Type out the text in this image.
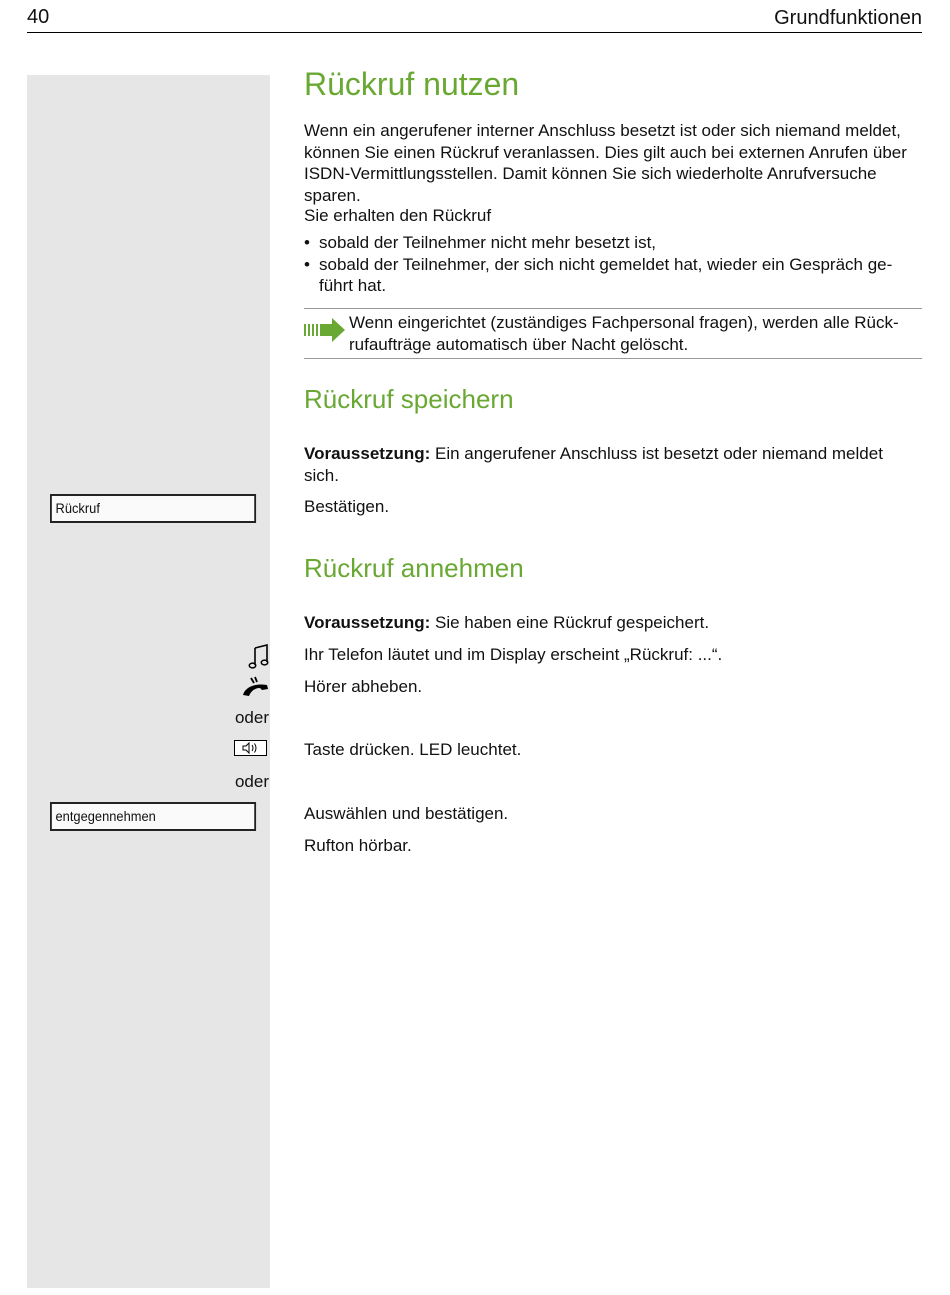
40	Grundfunktionen
Rückruf nutzen

Wenn ein angerufener interner Anschluss besetzt ist oder sich niemand meldet, können Sie einen Rückruf veranlassen. Dies gilt auch bei externen Anrufen über ISDN-Vermittlungsstellen. Damit können Sie sich wiederholte Anrufversuche sparen.

Sie erhalten den Rückruf

• sobald der Teilnehmer nicht mehr besetzt ist,
• sobald der Teilnehmer, der sich nicht gemeldet hat, wieder ein Gespräch ge-führt hat.
Wenn eingerichtet (zuständiges Fachpersonal fragen), werden alle Rück-rufaufträge automatisch über Nacht gelöscht.
Rückruf speichern

Voraussetzung: Ein angerufener Anschluss ist besetzt oder niemand meldet sich.

Rückruf	Bestätigen.

Rückruf annehmen

Voraussetzung: Sie haben eine Rückruf gespeichert.

Ihr Telefon läutet und im Display erscheint „Rückruf: ...“.

Hörer abheben.

oder

Taste drücken. LED leuchtet.

oder
entgegennehmen	Auswählen und bestätigen.

Rufton hörbar.
